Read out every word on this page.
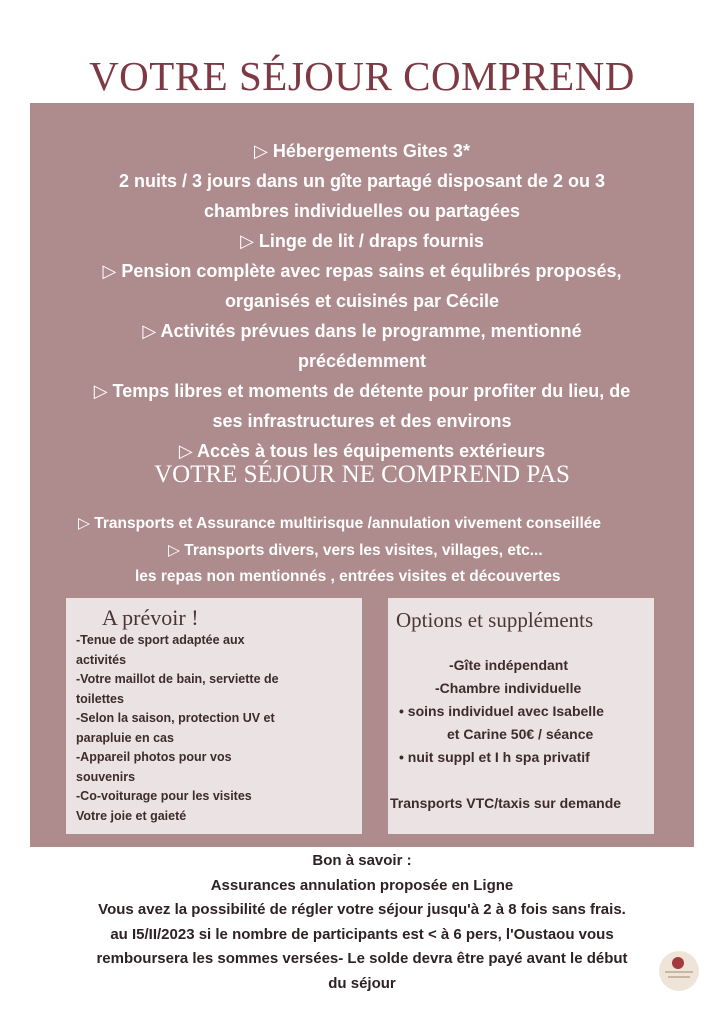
VOTRE SÉJOUR COMPREND
▷ Hébergements Gites 3*
2 nuits / 3 jours dans un gîte partagé disposant de 2 ou 3
chambres individuelles ou partagées
▷ Linge de lit / draps fournis
▷ Pension complète avec repas sains et équlibrés proposés,
organisés et cuisinés par Cécile
▷ Activités prévues dans le programme, mentionné
précédemment
▷ Temps libres et moments de détente pour profiter du lieu, de
ses infrastructures et des environs
▷ Accès à tous les équipements extérieurs
VOTRE SÉJOUR NE COMPREND PAS
▷ Transports et Assurance multirisque /annulation vivement conseillée
▷ Transports divers, vers les visites, villages, etc...
les repas non mentionnés , entrées visites et découvertes
A prévoir !
-Tenue de sport adaptée aux
activités
-Votre maillot de bain, serviette de
toilettes
-Selon la saison, protection UV et
parapluie en cas
-Appareil photos pour vos
souvenirs
-Co-voiturage pour les visites
Votre joie et gaieté
Options et suppléments
-Gîte indépendant
-Chambre individuelle
• soins individuel avec Isabelle
et Carine 50€ / séance
• nuit suppl et I h spa privatif
Transports VTC/taxis sur demande
Bon à savoir :
Assurances annulation proposée en Ligne
Vous avez la possibilité de régler votre séjour jusqu'à 2 à 8 fois sans frais.
au I5/II/2023 si le nombre de participants est < à 6 pers, l'Oustaou vous
remboursera les sommes versées- Le solde devra être payé avant le début
du séjour
